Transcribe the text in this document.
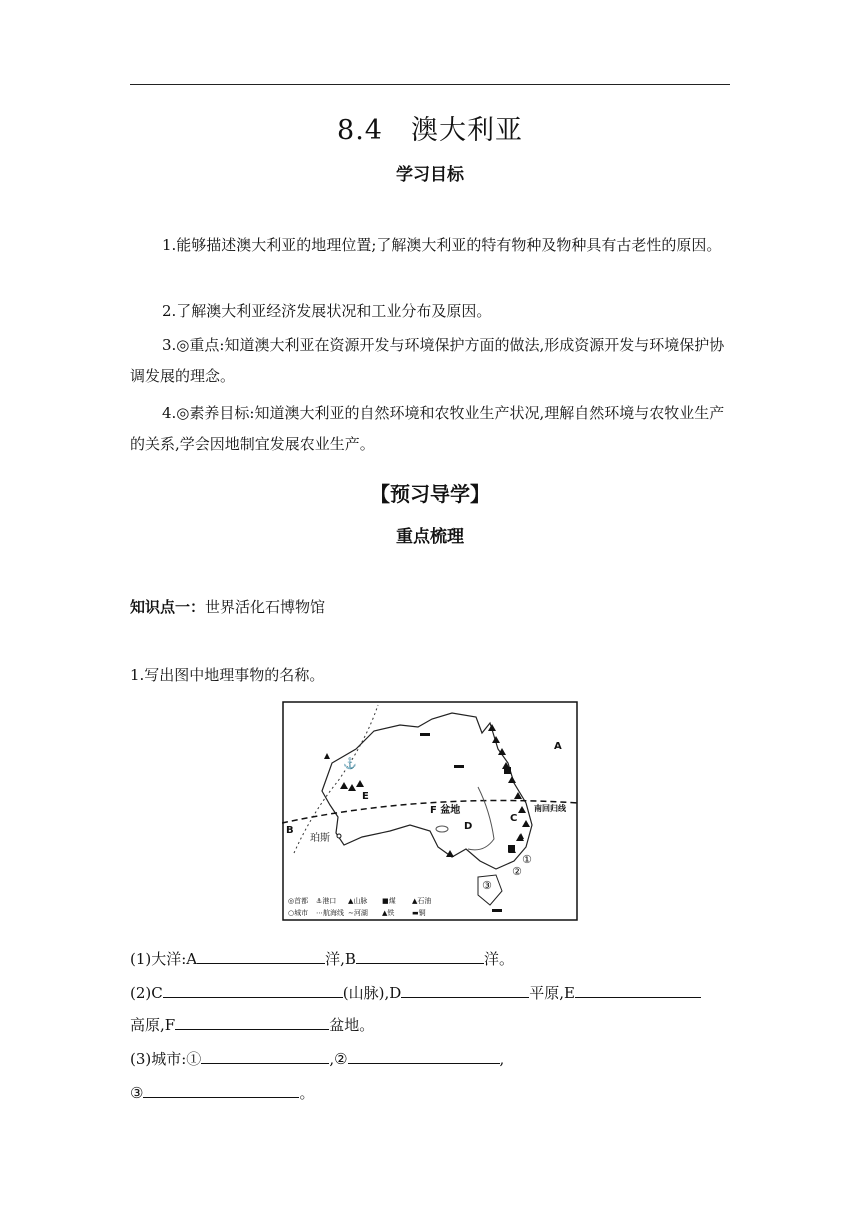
8.4　澳大利亚
学习目标
1.能够描述澳大利亚的地理位置;了解澳大利亚的特有物种及物种具有古老性的原因。
2.了解澳大利亚经济发展状况和工业分布及原因。
3.◎重点:知道澳大利亚在资源开发与环境保护方面的做法,形成资源开发与环境保护协调发展的理念。
4.◎素养目标:知道澳大利亚的自然环境和农牧业生产状况,理解自然环境与农牧业生产的关系,学会因地制宜发展农业生产。
【预习导学】
重点梳理
知识点一：世界活化石博物馆
1.写出图中地理事物的名称。
⚓
A
B
C
D
E
F 盆地	南回归线
珀斯
①
②
③
◎首都 ⚓港口 ▲山脉 ■煤 ▲石油
○城市 ⋯航海线 ∼河湖 ▲铁	▬铜
(1)大洋:A	洋,B	洋。
(2)C	(山脉),D	平原,E
高原,F	盆地。
(3)城市:①	,②	,
③	。
